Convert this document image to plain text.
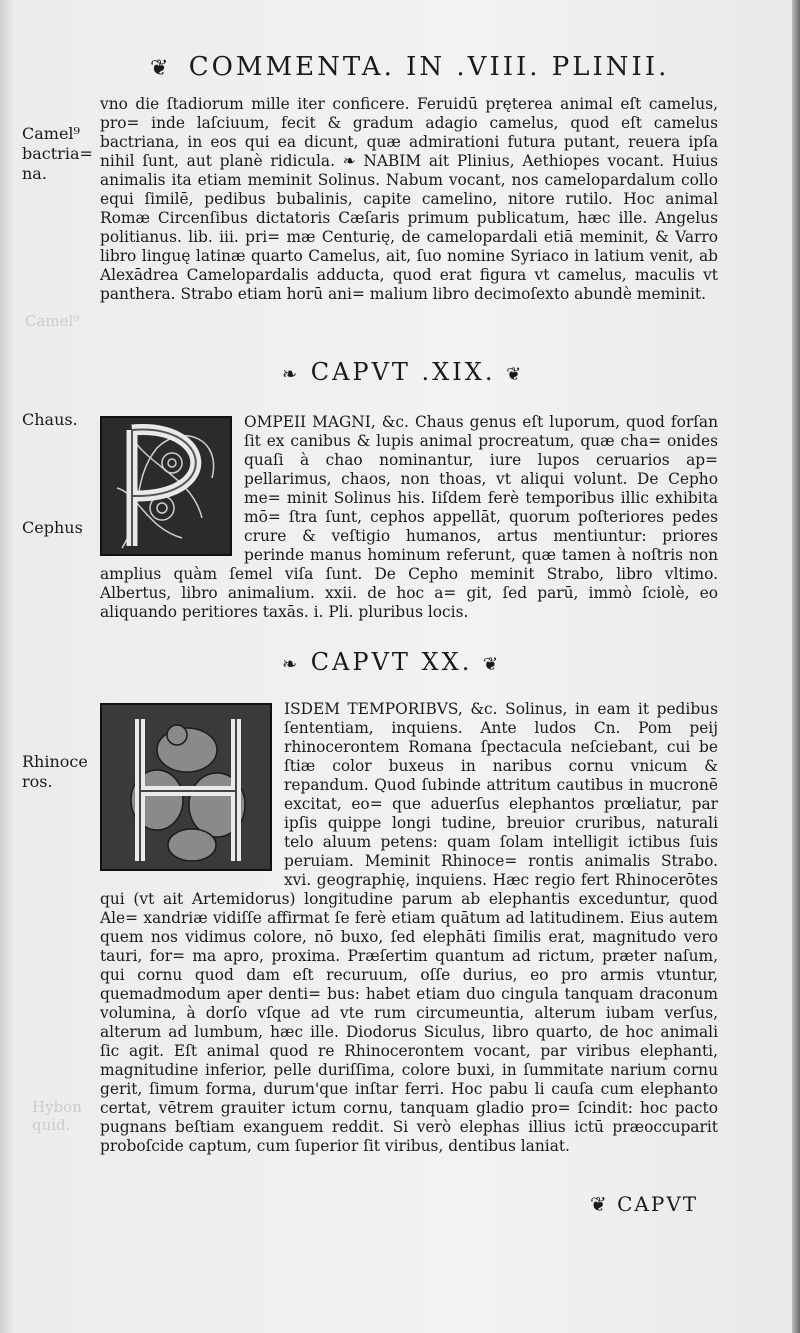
Camel⁹
Hybon quid.
❦ COMMENTA. IN .VIII. PLINII.
Camel⁹ bactria= na.
Chaus.
Cephus
Rhinoce ros.

vno die ſtadiorum mille iter conficere. Feruidū pręterea animal eſt camelus, pro= inde laſciuum, fecit & gradum adagio camelus, quod eſt camelus bactriana, in eos qui ea dicunt, quæ admirationi futura putant, reuera ipſa nihil ſunt, aut planè ridicula. ❧ NABIM ait Plinius, Aethiopes vocant. Huius animalis ita etiam meminit Solinus. Nabum vocant, nos camelopardalum collo equi ſimilē, pedibus bubalinis, capite camelino, nitore rutilo. Hoc animal Romæ Circenſibus dictatoris Cæſaris primum publicatum, hæc ille. Angelus politianus. lib. iii. pri= mæ Centurię, de camelopardali etiā meminit, & Varro libro linguę latinæ quarto Camelus, ait, ſuo nomine Syriaco in latium venit, ab Alexādrea Camelopardalis adducta, quod erat figura vt camelus, maculis vt panthera. Strabo etiam horū ani= malium libro decimoſexto abundè meminit.

❧ CAPVT .XIX. ❦

OMPEII MAGNI, &c. Chaus genus eſt luporum, quod forſan ſit ex canibus & lupis animal procreatum, quæ cha= onides quaſi à chao nominantur, iure lupos ceruarios ap= pellarimus, chaos, non thoas, vt aliqui volunt. De Cepho me= minit Solinus his. Iiſdem ferè temporibus illic exhibita mō= ſtra ſunt, cephos appellāt, quorum poſteriores pedes crure & veſtigio humanos, artus mentiuntur: priores perinde manus hominum referunt, quæ tamen à noſtris non amplius quàm ſemel viſa ſunt. De Cepho meminit Strabo, libro vltimo. Albertus, libro animalium. xxii. de hoc a= git, ſed parū, immò ſciolè, eo aliquando peritiores taxās. i. Pli. pluribus locis.

❧ CAPVT XX. ❦

ISDEM TEMPORIBVS, &c. Solinus, in eam it pedibus ſententiam, inquiens. Ante ludos Cn. Pom peij rhinocerontem Romana ſpectacula neſciebant, cui be ſtiæ color buxeus in naribus cornu vnicum & repandum. Quod ſubinde attritum cautibus in mucronē excitat, eo= que aduerſus elephantos prœliatur, par ipſis quippe longi tudine, breuior cruribus, naturali telo aluum petens: quam ſolam intelligit ictibus ſuis peruiam. Meminit Rhinoce= rontis animalis Strabo. xvi. geographię, inquiens. Hæc regio fert Rhinocerōtes qui (vt ait Artemidorus) longitudine parum ab elephantis exceduntur, quod Ale= xandriæ vidiſſe affirmat ſe ferè etiam quātum ad latitudinem. Eius autem quem nos vidimus colore, nō buxo, ſed elephāti ſimilis erat, magnitudo vero tauri, for= ma apro, proxima. Præſertim quantum ad rictum, præter naſum, qui cornu quod dam eſt recuruum, oſſe durius, eo pro armis vtuntur, quemadmodum aper denti= bus: habet etiam duo cingula tanquam draconum volumina, à dorſo vſque ad vte rum circumeuntia, alterum iubam verſus, alterum ad lumbum, hæc ille. Diodorus Siculus, libro quarto, de hoc animali ſic agit. Eſt animal quod re Rhinocerontem vocant, par viribus elephanti, magnitudine inferior, pelle duriſſima, colore buxi, in ſummitate narium cornu gerit, ſimum forma, durum'que inſtar ferri. Hoc pabu li cauſa cum elephanto certat, vētrem grauiter ictum cornu, tanquam gladio pro= ſcindit: hoc pacto pugnans beſtiam exanguem reddit. Si verò elephas illius ictū præoccuparit proboſcide captum, cum ſuperior ſit viribus, dentibus laniat.

❦ CAPVT
